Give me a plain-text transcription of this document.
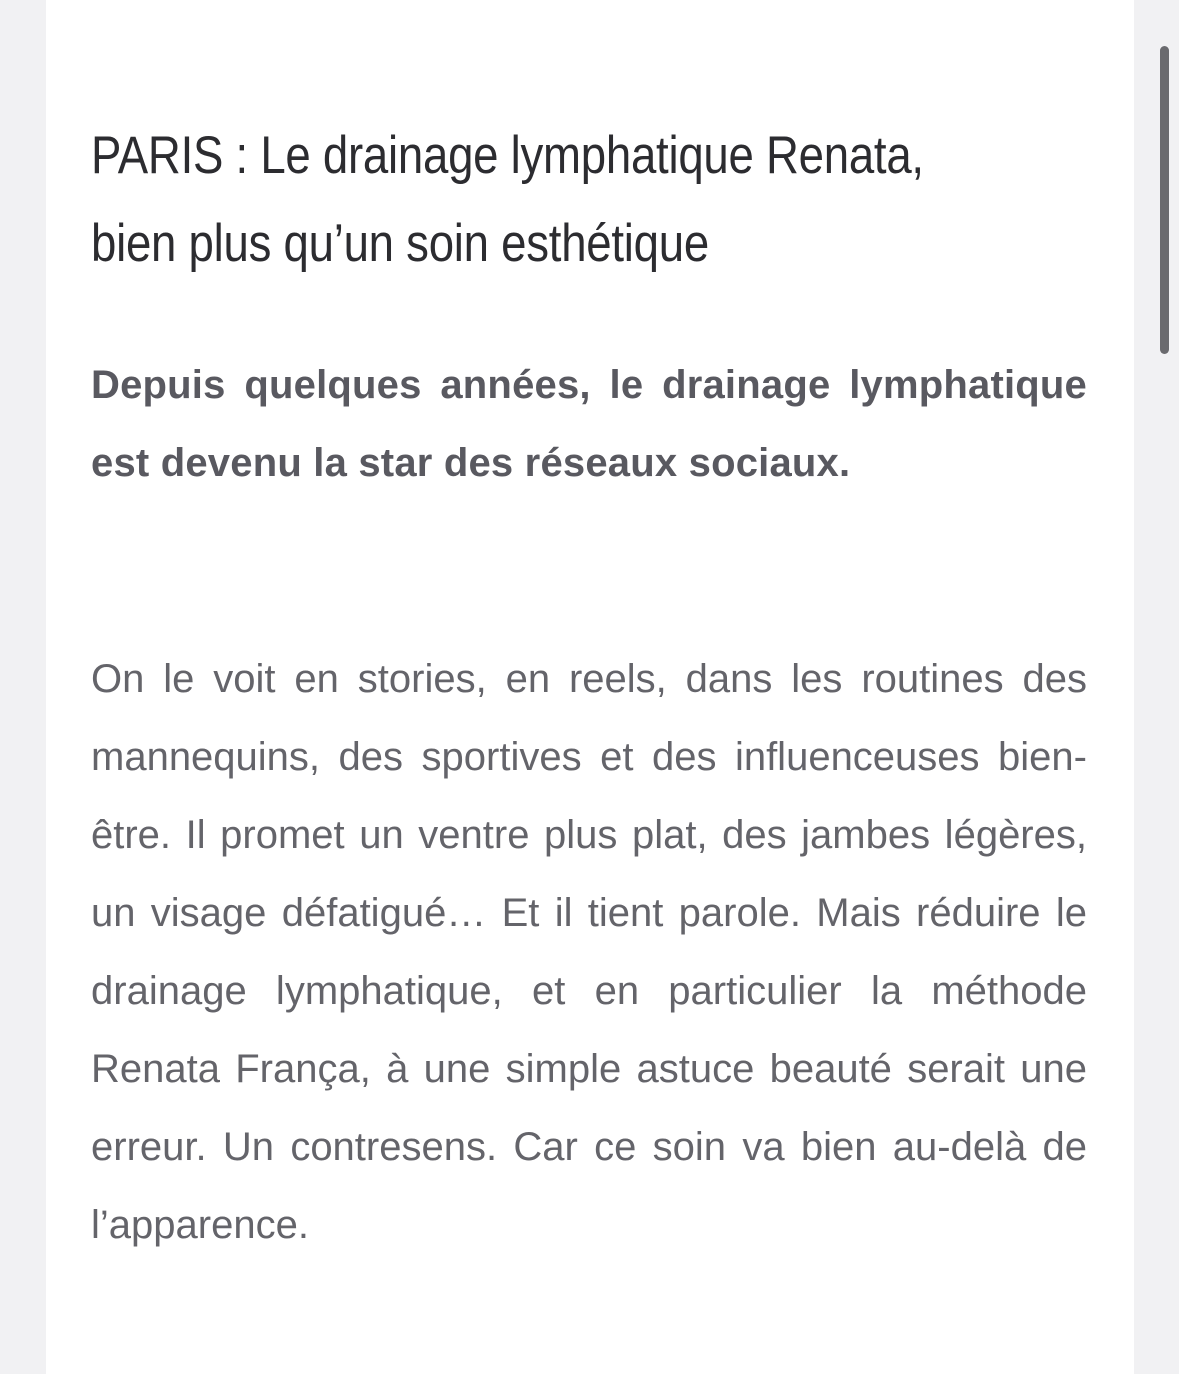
PARIS : Le drainage lymphatique Renata, bien plus qu’un soin esthétique

Depuis quelques années, le drainage lymphatique est devenu la star des réseaux sociaux.

On le voit en stories, en reels, dans les routines des mannequins, des sportives et des influenceuses bien-être. Il promet un ventre plus plat, des jambes légères, un visage défatigué… Et il tient parole. Mais réduire le drainage lymphatique, et en particulier la méthode Renata França, à une simple astuce beauté serait une erreur. Un contresens. Car ce soin va bien au-delà de l’apparence.
